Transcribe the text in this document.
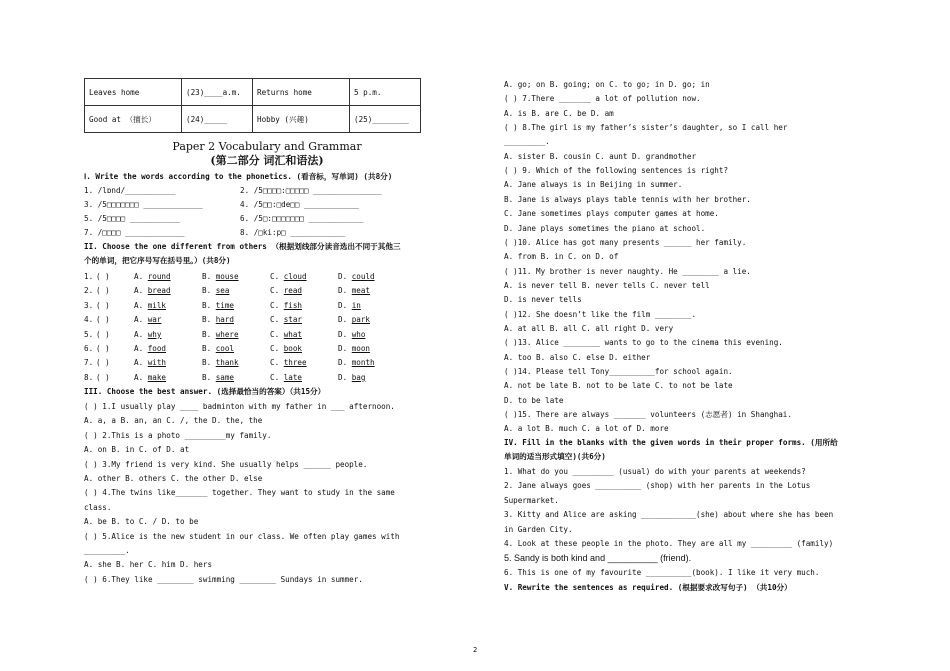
Leaves home	(23)____a.m.	Returns home	5 p.m.
Good at （擅长）	(24)_____	Hobby (兴趣)	(25)________
Paper 2 Vocabulary and Grammar
(第二部分 词汇和语法)
Ⅰ. Write the words according to the phonetics. (看音标，写单词) (共8分)
1. /lɒnd/___________	2. /5□□□□:□□□□□ _______________
3. /5□□□□□□□ _____________	4. /5□□:□de□□ ____________
5. /5□□□□ ___________	6. /5□:□□□□□□□ ____________
7. /□□□□ _____________	8. /□ki:p□ ____________
II. Choose the one different from others （根据划线部分读音选出不同于其他三
个的单词，把它序号写在括号里。）(共8分)
1. ( )	A. round	B. mouse	C. cloud	D. could
2. ( )	A. bread	B. sea	C. read	D. meat
3. ( )	A. milk	B. time	C. fish	D. in
4. ( )	A. war	B. hard	C. star	D. park
5. ( )	A. why	B. where	C. what	D. who
6. ( )	A. food	B. cool	C. book	D. moon
7. ( )	A. with	B. thank	C. three	D. month
8. ( )	A. make	B. same	C. late	D. bag
III. Choose the best answer. (选择最恰当的答案）（共15分）
( ) 1.I usually play ____ badminton with my father in ___ afternoon.
A. a, a B. an, an C. /, the D. the, the
( ) 2.This is a photo _________my family.
A. on B. in C. of D. at
( ) 3.My friend is very kind. She usually helps ______ people.
A. other B. others C. the other D. else
( ) 4.The twins like_______ together. They want to study in the same
class.
A. be B. to C. / D. to be
( ) 5.Alice is the new student in our class. We often play games with
_________.
A. she B. her C. him D. hers
( ) 6.They like ________ swimming ________ Sundays in summer.
A. go; on B. going; on C. to go; in D. go; in
( ) 7.There _______ a lot of pollution now.
A. is B. are C. be D. am
( ) 8.The girl is my father’s sister’s daughter, so I call her
_________.
A. sister B. cousin C. aunt D. grandmother
( ) 9. Which of the following sentences is right?
A. Jane always is in Beijing in summer.
B. Jane is always plays table tennis with her brother.
C. Jane sometimes plays computer games at home.
D. Jane plays sometimes the piano at school.
( )10. Alice has got many presents ______ her family.
A. from B. in C. on D. of
( )11. My brother is never naughty. He ________ a lie.
A. is never tell B. never tells C. never tell
D. is never tells
( )12. She doesn’t like the film ________.
A. at all B. all C. all right D. very
( )13. Alice ________ wants to go to the cinema this evening.
A. too B. also C. else D. either
( )14. Please tell Tony__________for school again.
A. not be late B. not to be late C. to not be late
D. to be late
( )15. There are always _______ volunteers (志愿者) in Shanghai.
A. a lot B. much C. a lot of D. more
IV. Fill in the blanks with the given words in their proper forms. (用所给
单词的适当形式填空)(共6分)
1. What do you _________ (usual) do with your parents at weekends?
2. Jane always goes __________ (shop) with her parents in the Lotus
Supermarket.
3. Kitty and Alice are asking ____________(she) about where she has been
in Garden City.
4. Look at these people in the photo. They are all my _________ (family)
5. Sandy is both kind and __________ (friend).
6. This is one of my favourite __________(book). I like it very much.
V. Rewrite the sentences as required. (根据要求改写句子) （共10分）
2
